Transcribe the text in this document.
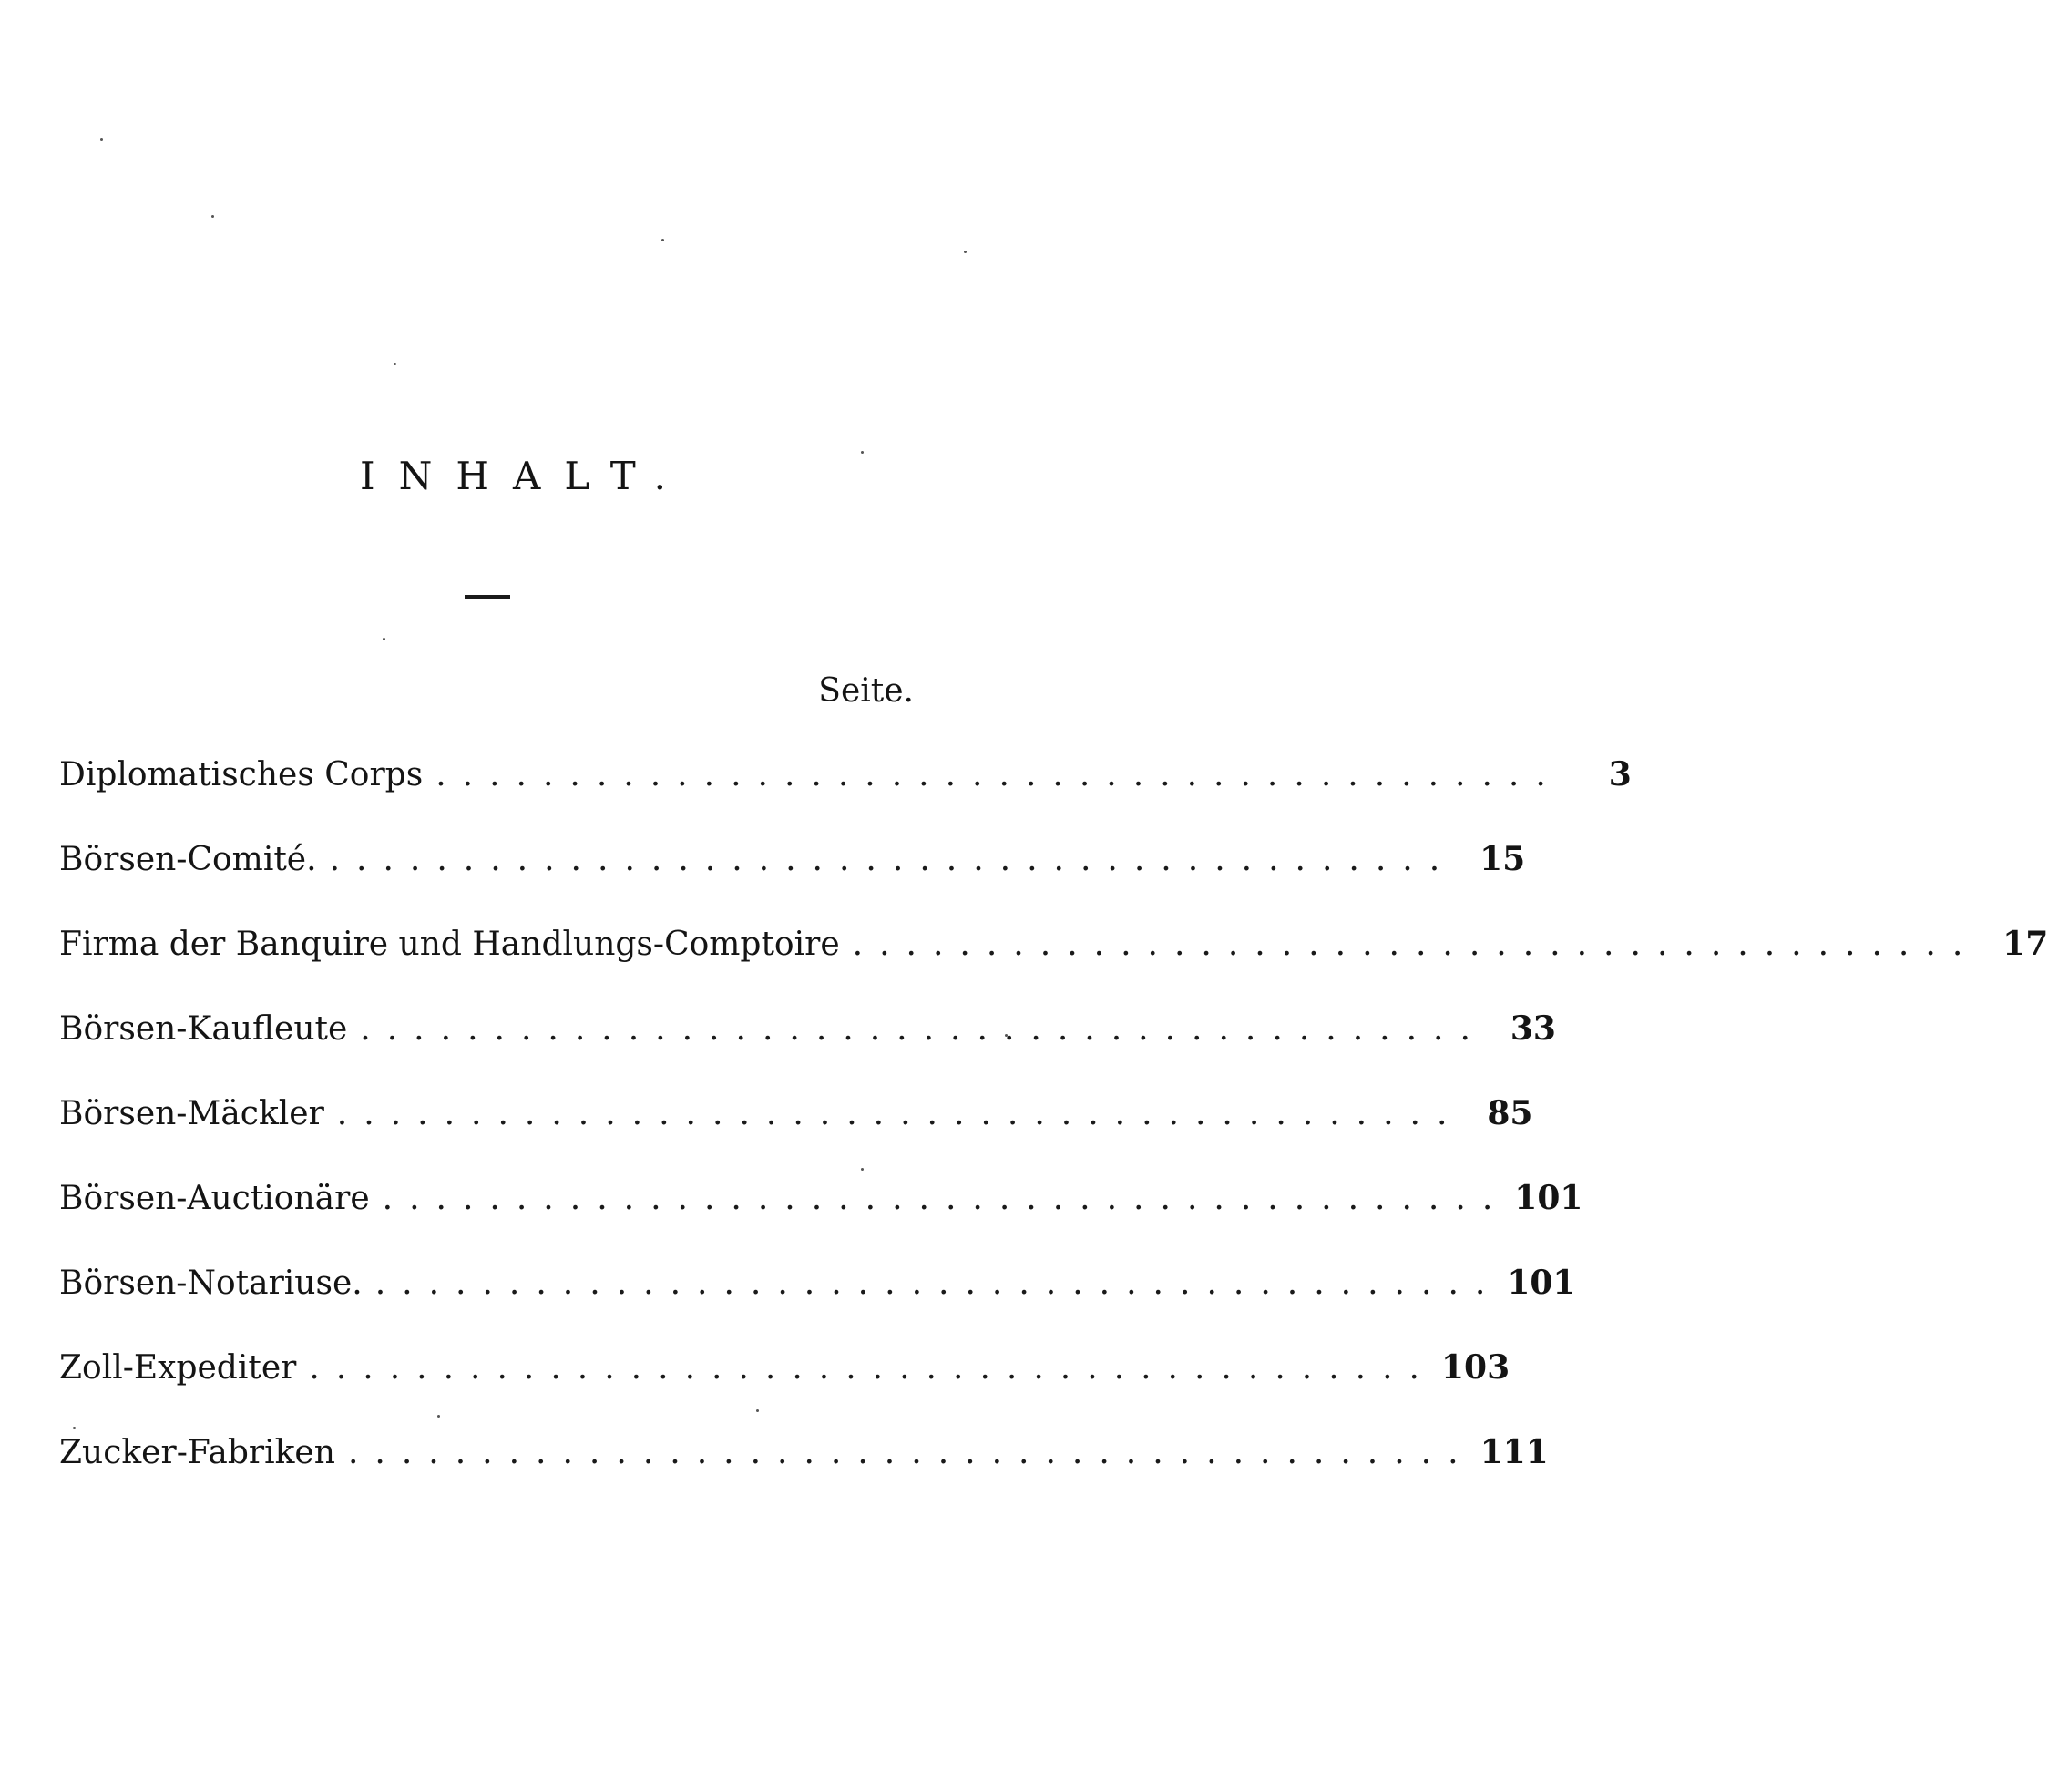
INHALT.
Seite.
Diplomatisches Corps ..........................................	3
Börsen-Comité. .......................................... 15
Firma der Banquire und Handlungs-Comptoire .......................................... 17
Börsen-Kaufleute .......................................... 33
Börsen-Mäckler .......................................... 85
Börsen-Auctionäre .......................................... 101
Börsen-Notariuse. .......................................... 101
Zoll-Expediter .......................................... 103
Zucker-Fabriken .......................................... 111
